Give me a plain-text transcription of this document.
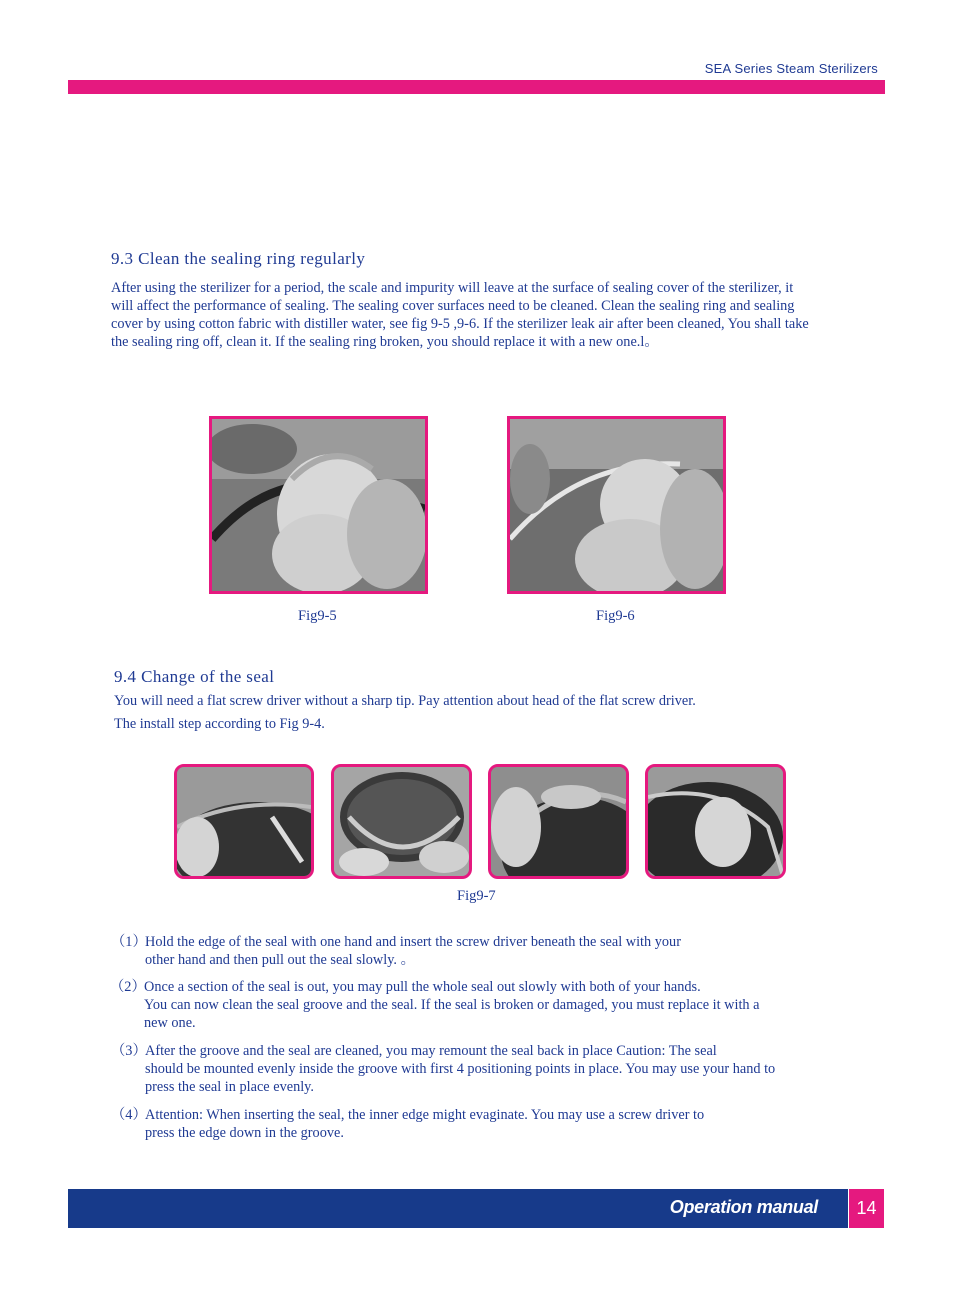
SEA Series Steam Sterilizers
9.3 Clean the sealing ring regularly
After using the sterilizer for a period, the scale and impurity will leave at the surface of sealing cover of the sterilizer, it will affect the performance of sealing. The sealing cover surfaces need to be cleaned. Clean the sealing ring and sealing cover by using cotton fabric with distiller water, see fig 9-5 ,9-6. If the sterilizer leak air after been cleaned, You shall take the sealing ring off, clean it. If the sealing ring broken, you should replace it with a new one.l。
Fig9-5	Fig9-6
9.4 Change of the seal
You will need a flat screw driver without a sharp tip. Pay attention about head of the flat screw driver.
The install step according to Fig 9-4.
Fig9-7
（1）Hold the edge of the seal with one hand and insert the screw driver beneath the seal with your
other hand and then pull out the seal slowly. 。
（2）Once a section of the seal is out, you may pull the whole seal out slowly with both of your hands.
You can now clean the seal groove and the seal. If the seal is broken or damaged, you must replace it with a new one.
（3）After the groove and the seal are cleaned, you may remount the seal back in place Caution: The seal
should be mounted evenly inside the groove with first 4 positioning points in place. You may use your hand to press the seal in place evenly.
（4）Attention: When inserting the seal, the inner edge might evaginate. You may use a screw driver to
press the edge down in the groove.
Operation manual	14
